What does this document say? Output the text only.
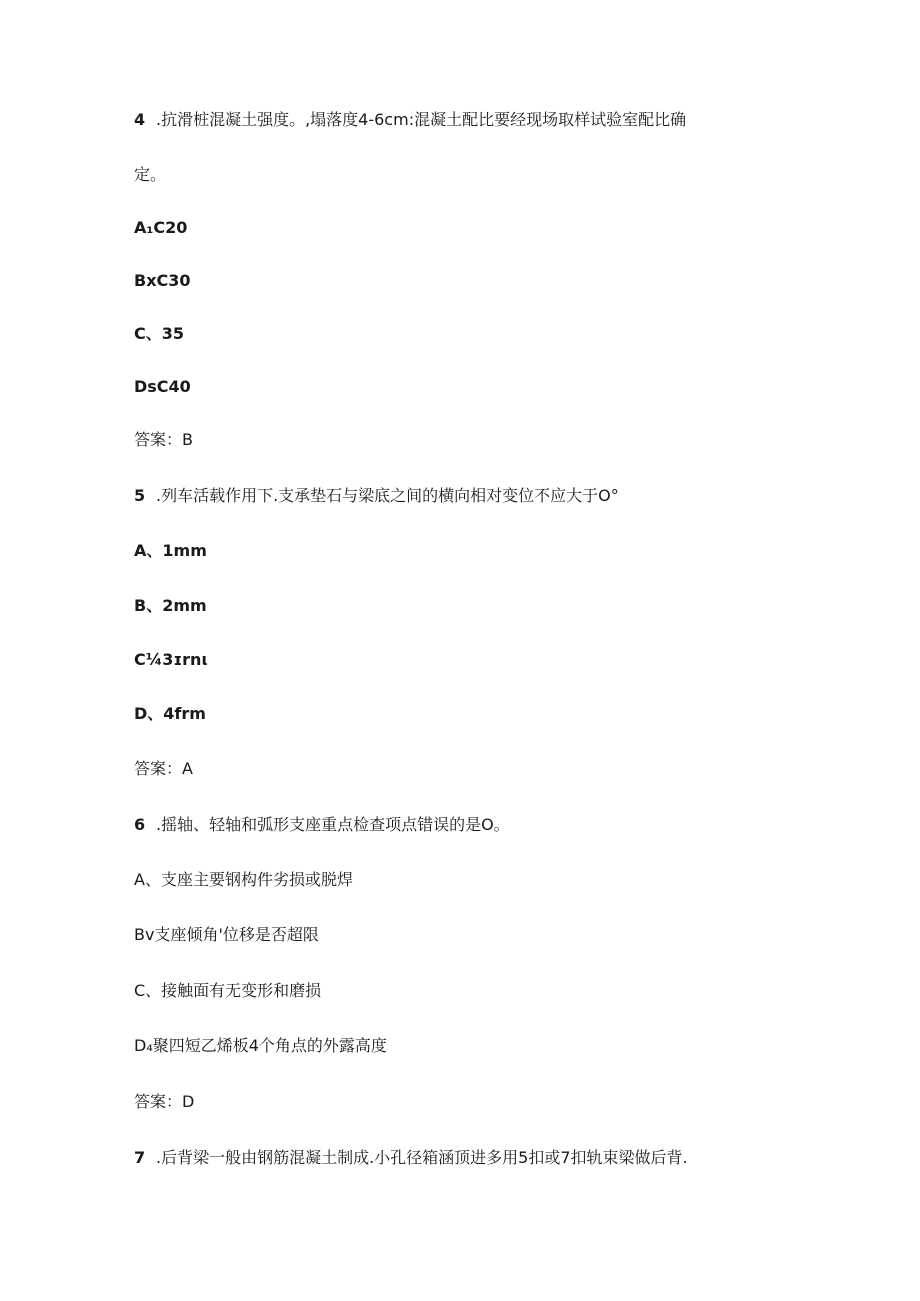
4 .抗滑桩混凝土强度。,塌落度4-6cm:混凝土配比要经现场取样试验室配比确
定。
A₁C20
BxC30
C、35
DsC40
答案：B
5 .列车活载作用下.支承垫石与梁底之间的横向相对变位不应大于O°
A、1mm
B、2mm
C¼3ɪrnι
D、4frm
答案：A
6 .摇轴、轻轴和弧形支座重点检查项点错误的是O。
A、支座主要钢构件劣损或脱焊
Bv支座倾角'位移是否超限
C、接触面有无变形和磨损
D₄聚四短乙烯板4个角点的外露高度
答案：D
7 .后背梁一般由钢筋混凝土制成.小孔径箱涵顶进多用5扣或7扣轨束梁做后背.
